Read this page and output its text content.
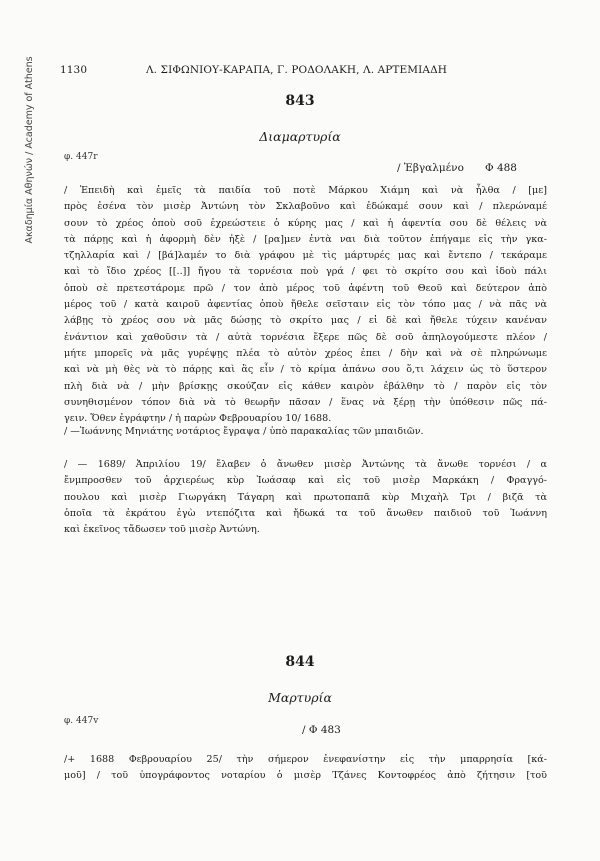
Ακαδημία Αθηνών / Academy of Athens 1130	Λ. ΣΙΦΩΝΙΟΥ-ΚΑΡΑΠΑ, Γ. ΡΟΔΟΛΑΚΗ, Λ. ΑΡΤΕΜΙΑΔΗ
843
Διαμαρτυρία
φ. 447r
/ Ἐβγαλμένο Φ 488
/ Ἐπειδὴ καὶ ἐμεῖς τὰ παιδία τοῦ ποτὲ Μάρκου Χιάμη καὶ νὰ ἦλθα / [με]
πρὸς ἐσένα τὸν μισὲρ Ἀντώνη τὸν Σκλαβοῦνο καὶ ἐδώκαμέ σουν καὶ / πλερώναμέ
σουν τὸ χρέος ὁποὺ σοῦ ἐχρεώστειε ὁ κύρης μας / καὶ ἡ ἀφεντία σου δὲ θέλεις νὰ
τὰ πάρῃς καὶ ἡ ἀφορμὴ δὲν ἠξὲ / [ρα]μεν ἐντὰ ναι διὰ τοῦτον ἐπήγαμε εἰς τὴν γκα-
τζηλλαρία καὶ / [βά]λαμέν το διὰ γράφου μὲ τὶς μάρτυρές μας καὶ ἔντεπο / τεκάραμε
καὶ τὸ ἴδιο χρέος [[..]] ἤγου τὰ τορνέσια ποὺ γρά / φει τὸ σκρίτο σου καὶ ἰδοὺ πάλι
ὁποὺ σὲ πρετεστάρομε πρῶ / τον ἀπὸ μέρος τοῦ ἀφέντη τοῦ Θεοῦ καὶ δεύτερον ἀπὸ
μέρος τοῦ / κατὰ καιροῦ ἀφεντίας ὁποὺ ἤθελε σεῖσταιν εἰς τὸν τόπο μας / νὰ πᾶς νὰ
λάβῃς τὸ χρέος σου νὰ μᾶς δώσῃς τὸ σκρίτο μας / εἰ δὲ καὶ ἤθελε τύχειν κανέναν
ἐνάντιον καὶ χαθοῦσιν τὰ / αὐτὰ τορνέσια ἔξερε πῶς δὲ σοῦ ἀπηλογούμεστε πλέον /
μήτε μπορεῖς νὰ μᾶς γυρέψῃς πλέα τὸ αὐτὸν χρέος ἐπει / δὴν καὶ νὰ σὲ πληρώνωμε
καὶ νὰ μὴ θὲς νὰ τὸ πάρῃς καὶ ἂς εἶν / τὸ κρίμα ἀπάνω σου ὅ,τι λάχειν ὡς τὸ ὕστερον
πλὴ διὰ νὰ / μὴν βρίσκῃς σκούζαν εἰς κάθεν καιρὸν ἐβάλθην τὸ / παρὸν εἰς τὸν
συνηθισμένον τόπον διὰ νὰ τὸ θεωρῆν πᾶσαν / ἕνας νὰ ξέρῃ τὴν ὑπόθεσιν πῶς πά-
γειν. Ὅθεν ἐγράφτην / ἡ παρὼν Φεβρουαρίου 10/ 1688.
/ —Ἰωάννης Μηνιάτης νοτάριος ἔγραψα / ὑπὸ παρακαλίας τῶν μπαιδιῶν.
/ — 1689/ Ἀπριλίου 19/ ἔλαβεν ὁ ἄνωθεν μισὲρ Ἀντώνης τὰ ἄνωθε τορνέσι / α
ἔνμπροσθεν τοῦ ἀρχιερέως κὺρ Ἰωάσαφ καὶ εἰς τοῦ μισὲρ Μαρκάκη / Φραγγό-
πουλου καὶ μισὲρ Γιωργάκη Τάγαρη καὶ πρωτοπαπᾶ κὺρ Μιχαὴλ Τρι / βιζᾶ τὰ
ὁποῖα τὰ ἐκράτου ἐγὼ ντεπόζιτα καὶ ἤδωκά τα τοῦ ἄνωθεν παιδιοῦ τοῦ Ἰωάννη
καὶ ἐκεῖνος τἄδωσεν τοῦ μισὲρ Ἀντώνη.
844
Μαρτυρία
φ. 447v
/ Φ 483
/+ 1688 Φεβρουαρίου 25/ τὴν σήμερον ἐνεφανίστην εἰς τὴν μπαρρησία [κά-
μοῦ] / τοῦ ὑπογράφοντος νοταρίου ὁ μισὲρ Τζάνες Κοντοφρέος ἀπὸ ζήτησιν [τοῦ
